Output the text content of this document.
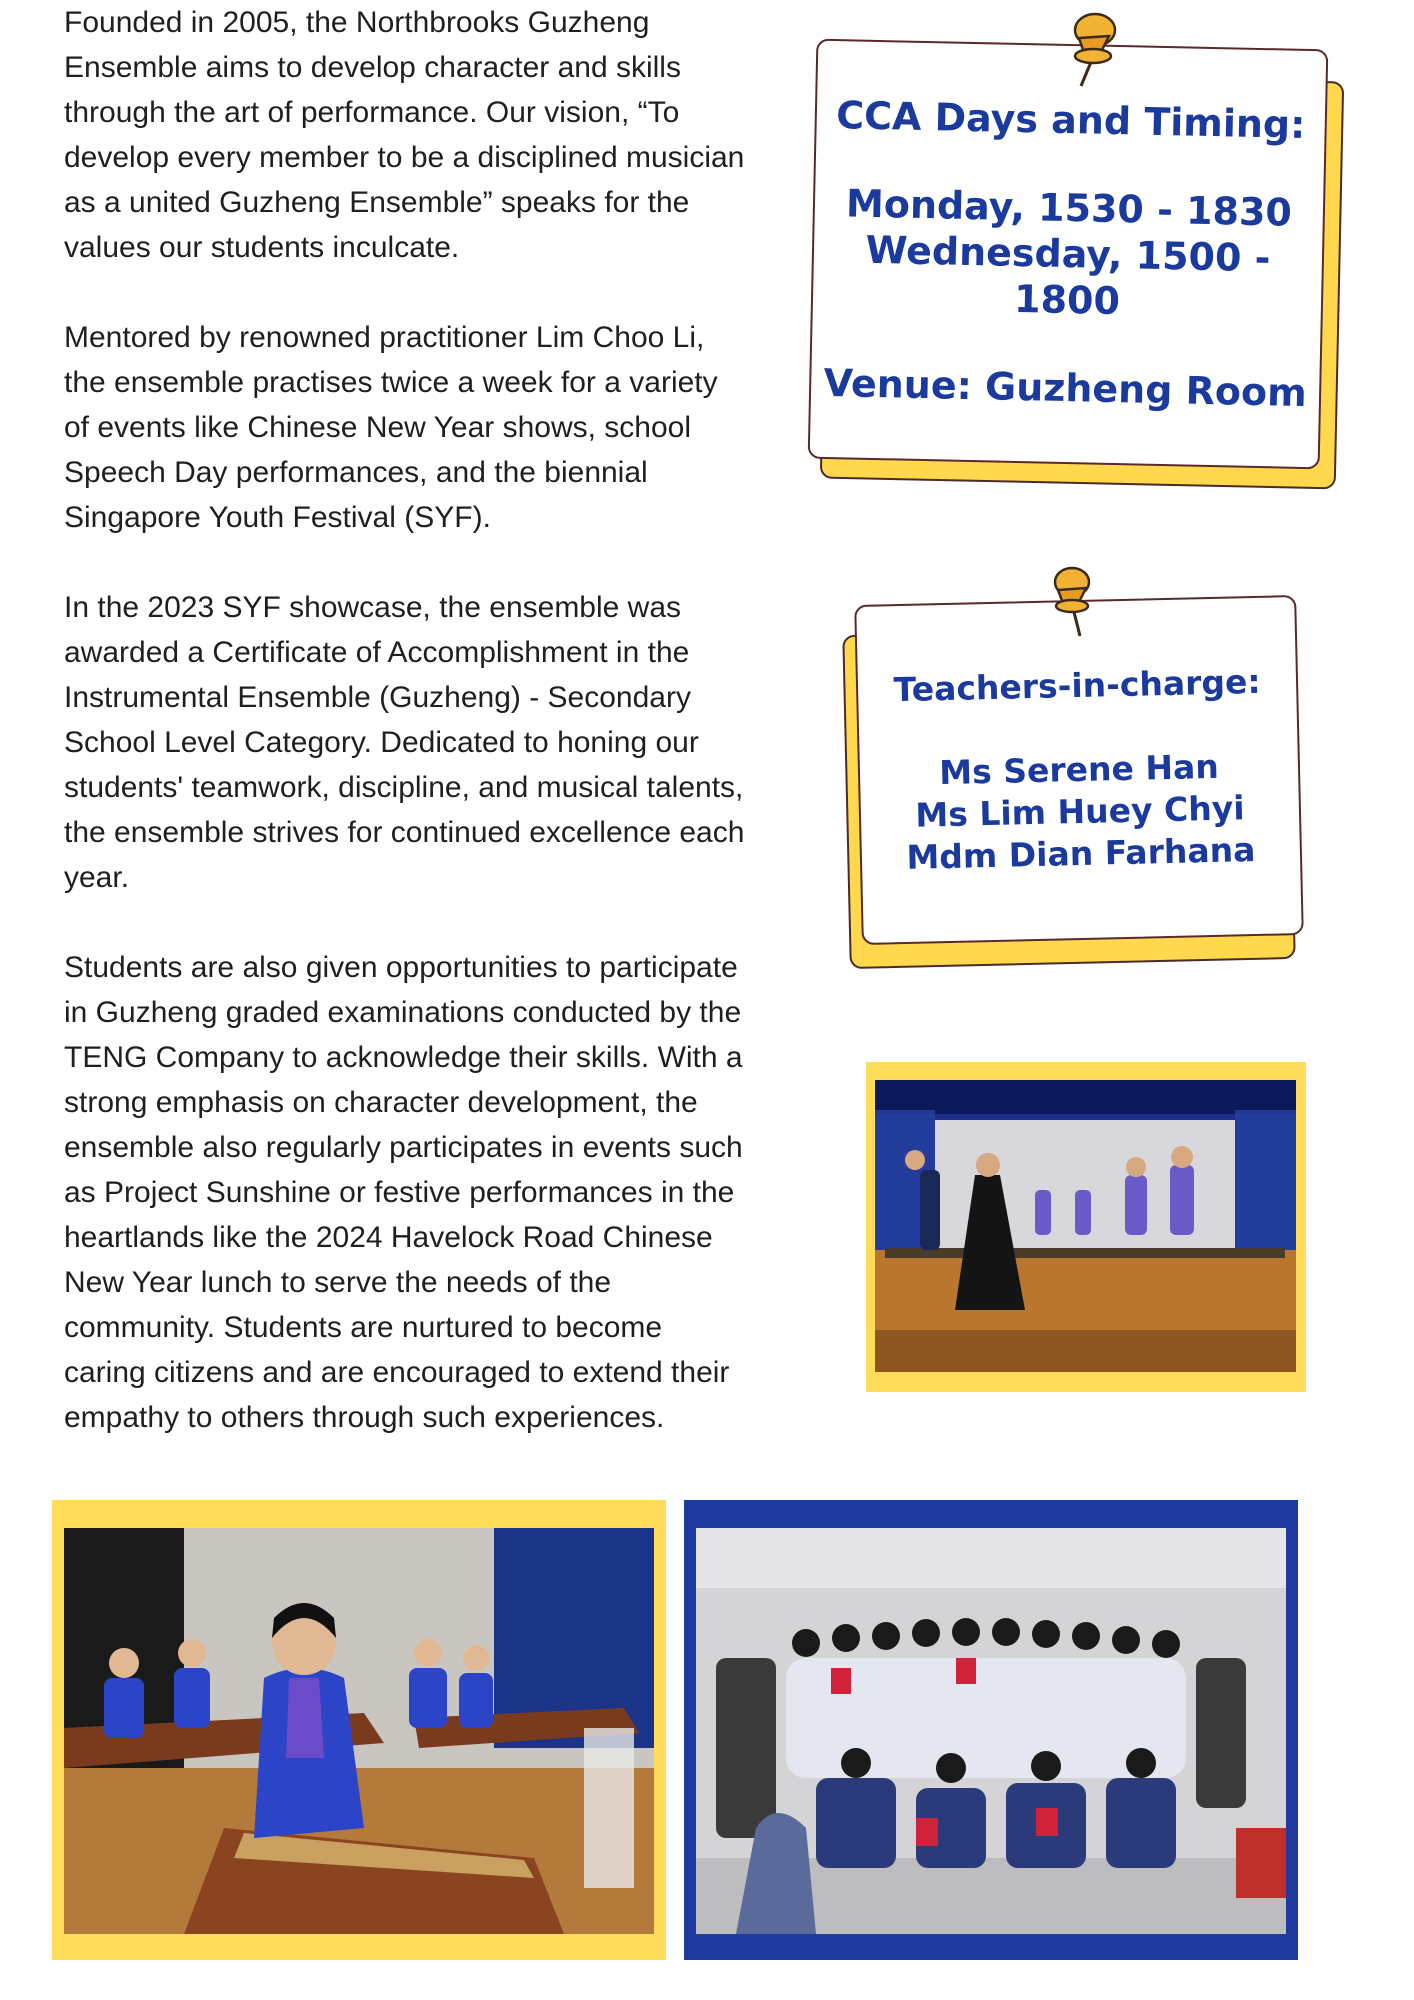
Founded in 2005, the Northbrooks Guzheng
Ensemble aims to develop character and skills
through the art of performance. Our vision, “To
develop every member to be a disciplined musician
as a united Guzheng Ensemble” speaks for the
values our students inculcate.

Mentored by renowned practitioner Lim Choo Li,
the ensemble practises twice a week for a variety
of events like Chinese New Year shows, school
Speech Day performances, and the biennial
Singapore Youth Festival (SYF).

In the 2023 SYF showcase, the ensemble was
awarded a Certificate of Accomplishment in the
Instrumental Ensemble (Guzheng) - Secondary
School Level Category. Dedicated to honing our
students' teamwork, discipline, and musical talents,
the ensemble strives for continued excellence each
year.

Students are also given opportunities to participate
in Guzheng graded examinations conducted by the
TENG Company to acknowledge their skills. With a
strong emphasis on character development, the
ensemble also regularly participates in events such
as Project Sunshine or festive performances in the
heartlands like the 2024 Havelock Road Chinese
New Year lunch to serve the needs of the
community. Students are nurtured to become
caring citizens and are encouraged to extend their
empathy to others through such experiences.

CCA Days and Timing:
Monday, 1530 - 1830
Wednesday, 1500 - 1800
Venue: Guzheng Room
Teachers-in-charge:
Ms Serene Han
Ms Lim Huey Chyi
Mdm Dian Farhana
